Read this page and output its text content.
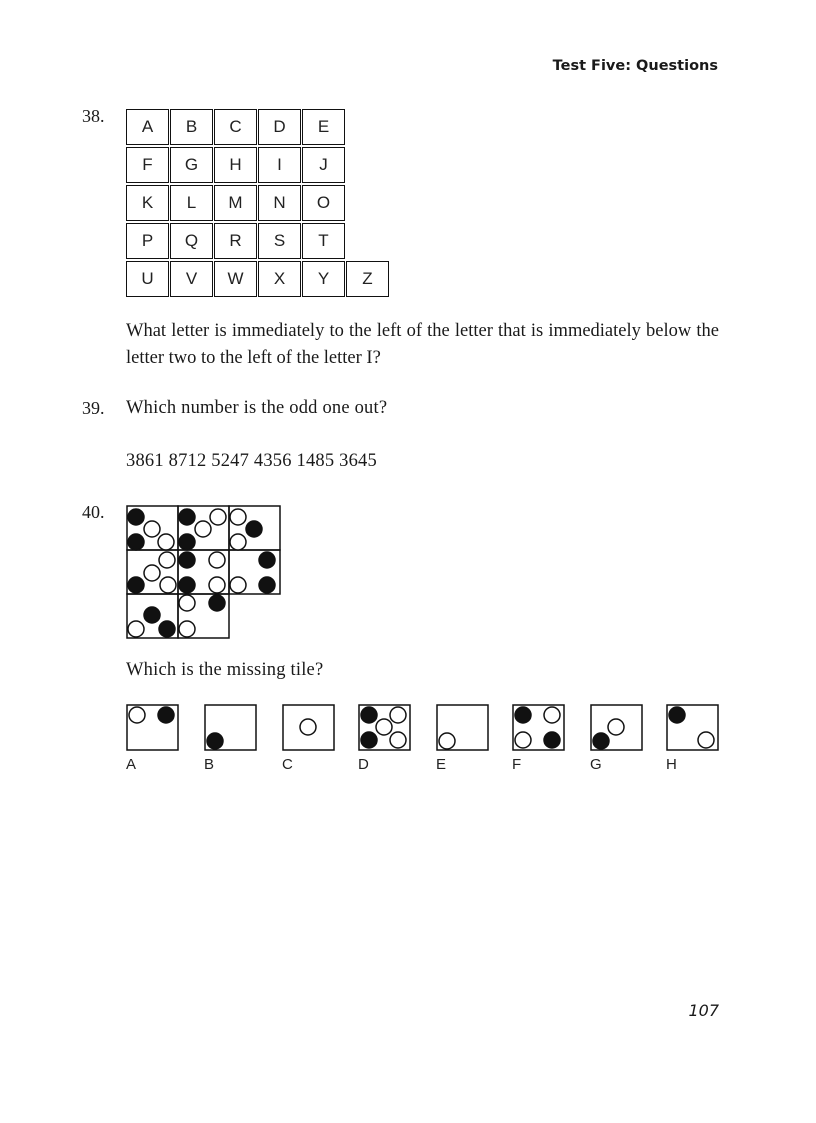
Test Five: Questions
38.
A	B	C	D	E
F	G	H	I	J
K	L	M	N	O
P	Q	R	S	T
U	V	W	X	Y	Z
What letter is immediately to the left of the letter that is immediately below the letter two to the left of the letter I?
39. Which number is the odd one out?
3861 8712 5247 4356 1485 3645
40.
Which is the missing tile?
A	B	C	D	E	F	G	H
107
